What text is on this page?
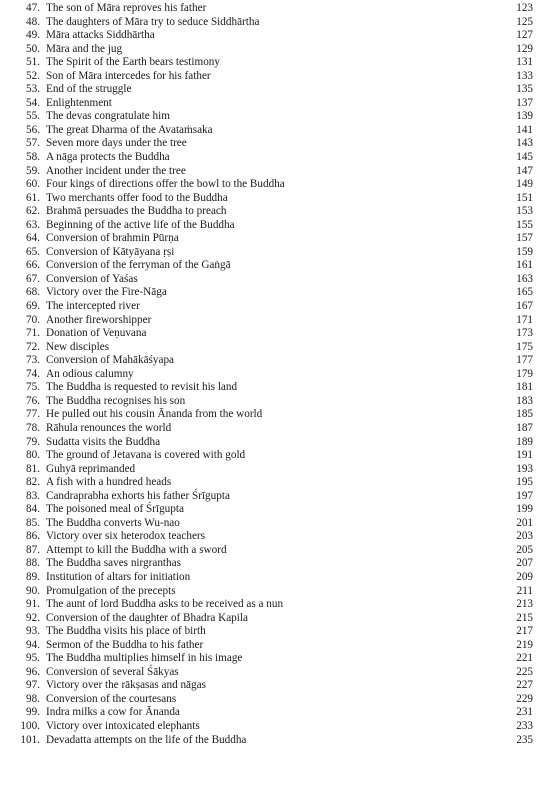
47. The son of Māra reproves his father	123
48. The daughters of Māra try to seduce Siddhārtha	125
49. Māra attacks Siddhārtha	127
50. Māra and the jug	129
51. The Spirit of the Earth bears testimony	131
52. Son of Māra intercedes for his father	133
53. End of the struggle	135
54. Enlightenment	137
55. The devas congratulate him	139
56. The great Dharma of the Avataṁsaka	141
57. Seven more days under the tree	143
58. A nāga protects the Buddha	145
59. Another incident under the tree	147
60. Four kings of directions offer the bowl to the Buddha	149
61. Two merchants offer food to the Buddha	151
62. Brahmā persuades the Buddha to preach	153
63. Beginning of the active life of the Buddha	155
64. Conversion of brahmin Pūrṇa	157
65. Conversion of Kātyāyana ṛṣi	159
66. Conversion of the ferryman of the Gaṅgā	161
67. Conversion of Yaśas	163
68. Victory over the Fire-Nāga	165
69. The intercepted river	167
70. Another fireworshipper	171
71. Donation of Veṇuvana	173
72. New disciples	175
73. Conversion of Mahākāśyapa	177
74. An odious calumny	179
75. The Buddha is requested to revisit his land	181
76. The Buddha recognises his son	183
77. He pulled out his cousin Ānanda from the world	185
78. Rāhula renounces the world	187
79. Sudatta visits the Buddha	189
80. The ground of Jetavana is covered with gold	191
81. Guhyā reprimanded	193
82. A fish with a hundred heads	195
83. Candraprabha exhorts his father Śrīgupta	197
84. The poisoned meal of Śrīgupta	199
85. The Buddha converts Wu-nao	201
86. Victory over six heterodox teachers	203
87. Attempt to kill the Buddha with a sword	205
88. The Buddha saves nirgranthas	207
89. Institution of altars for initiation	209
90. Promulgation of the precepts	211
91. The aunt of lord Buddha asks to be received as a nun	213
92. Conversion of the daughter of Bhadra Kapila	215
93. The Buddha visits his place of birth	217
94. Sermon of the Buddha to his father	219
95. The Buddha multiplies himself in his image	221
96. Conversion of several Śākyas	225
97. Victory over the rākṣasas and nāgas	227
98. Conversion of the courtesans	229
99. Indra milks a cow for Ānanda	231
100. Victory over intoxicated elephants	233
101. Devadatta attempts on the life of the Buddha	235
